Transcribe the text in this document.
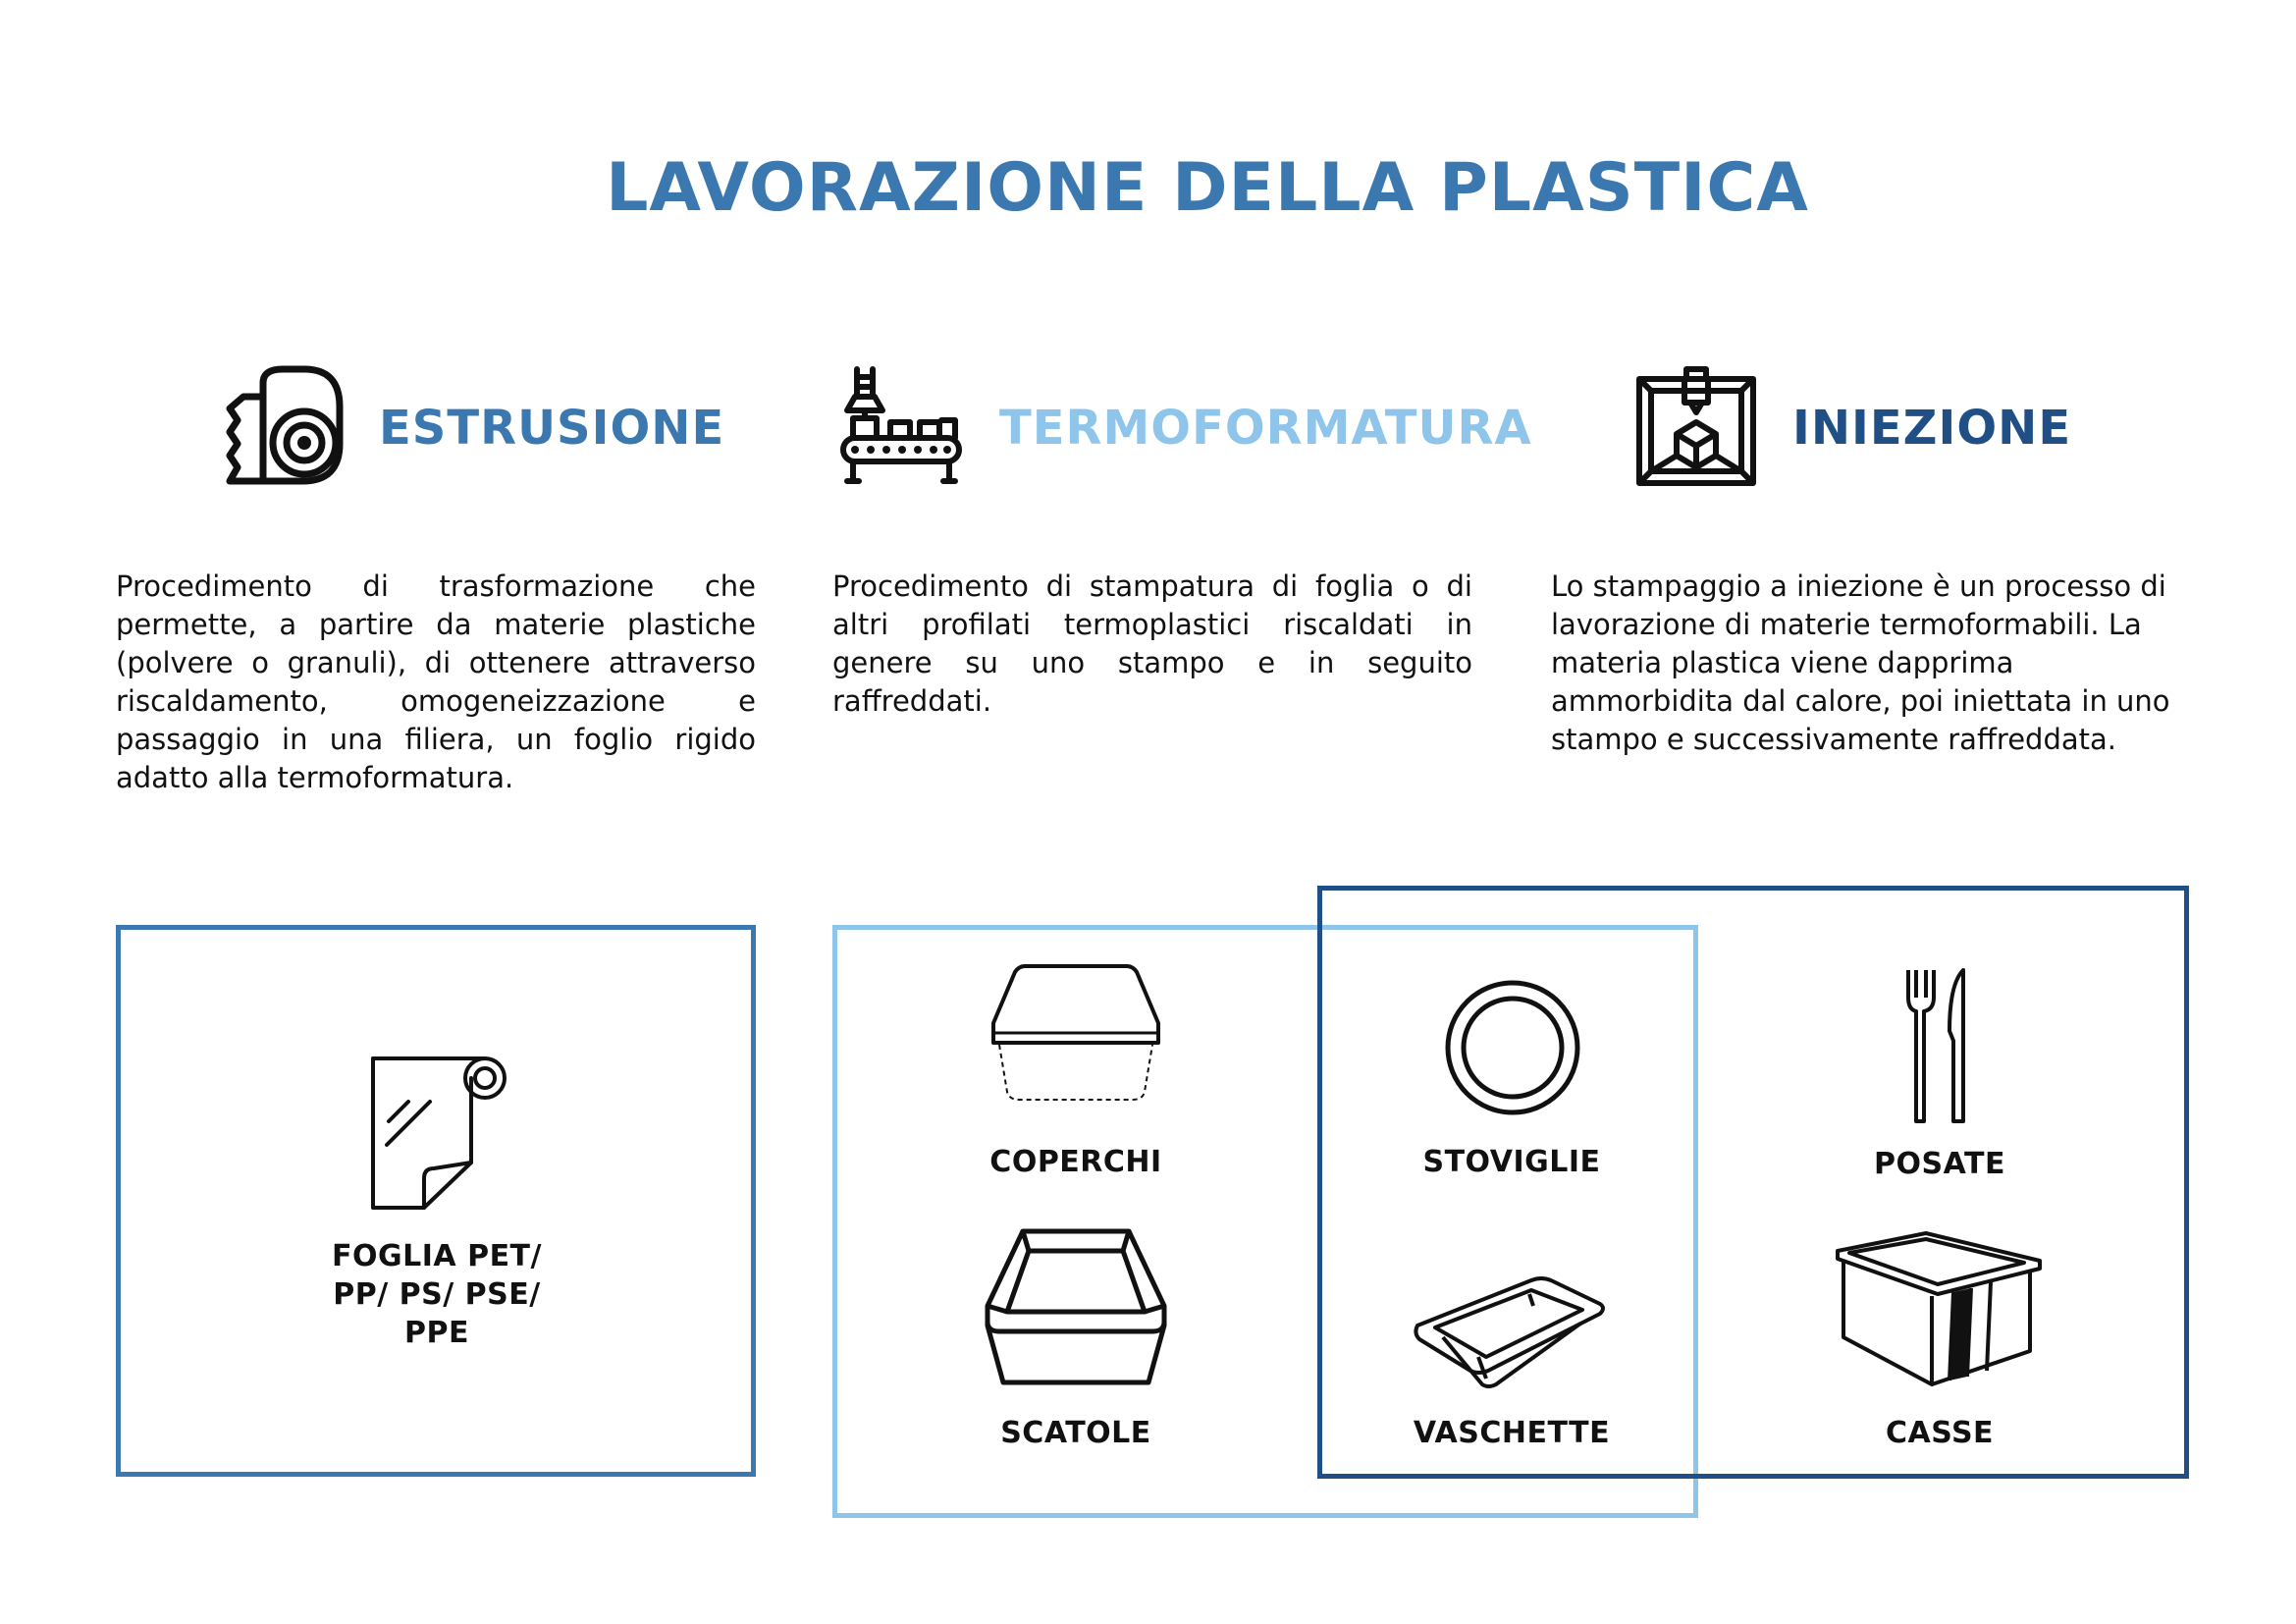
LAVORAZIONE DELLA PLASTICA
ESTRUSIONE	TERMOFORMATURA	INIEZIONE
Procedimento di trasformazione che permette, a partire da materie plastiche (polvere o granuli), di ottenere attraverso riscaldamento, omogeneizzazione e passaggio in una filiera, un foglio rigido adatto alla termoformatura.
Procedimento di stampatura di foglia o di altri profilati termoplastici riscaldati in genere su uno stampo e in seguito raffreddati.
Lo stampaggio a iniezione è un processo di lavorazione di materie termoformabili. La materia plastica viene dapprima ammorbidita dal calore, poi iniettata in uno stampo e successivamente raffreddata.
FOGLIA PET/
PP/ PS/ PSE/
PPE
COPERCHI
SCATOLE
STOVIGLIE
VASCHETTE
POSATE
CASSE
